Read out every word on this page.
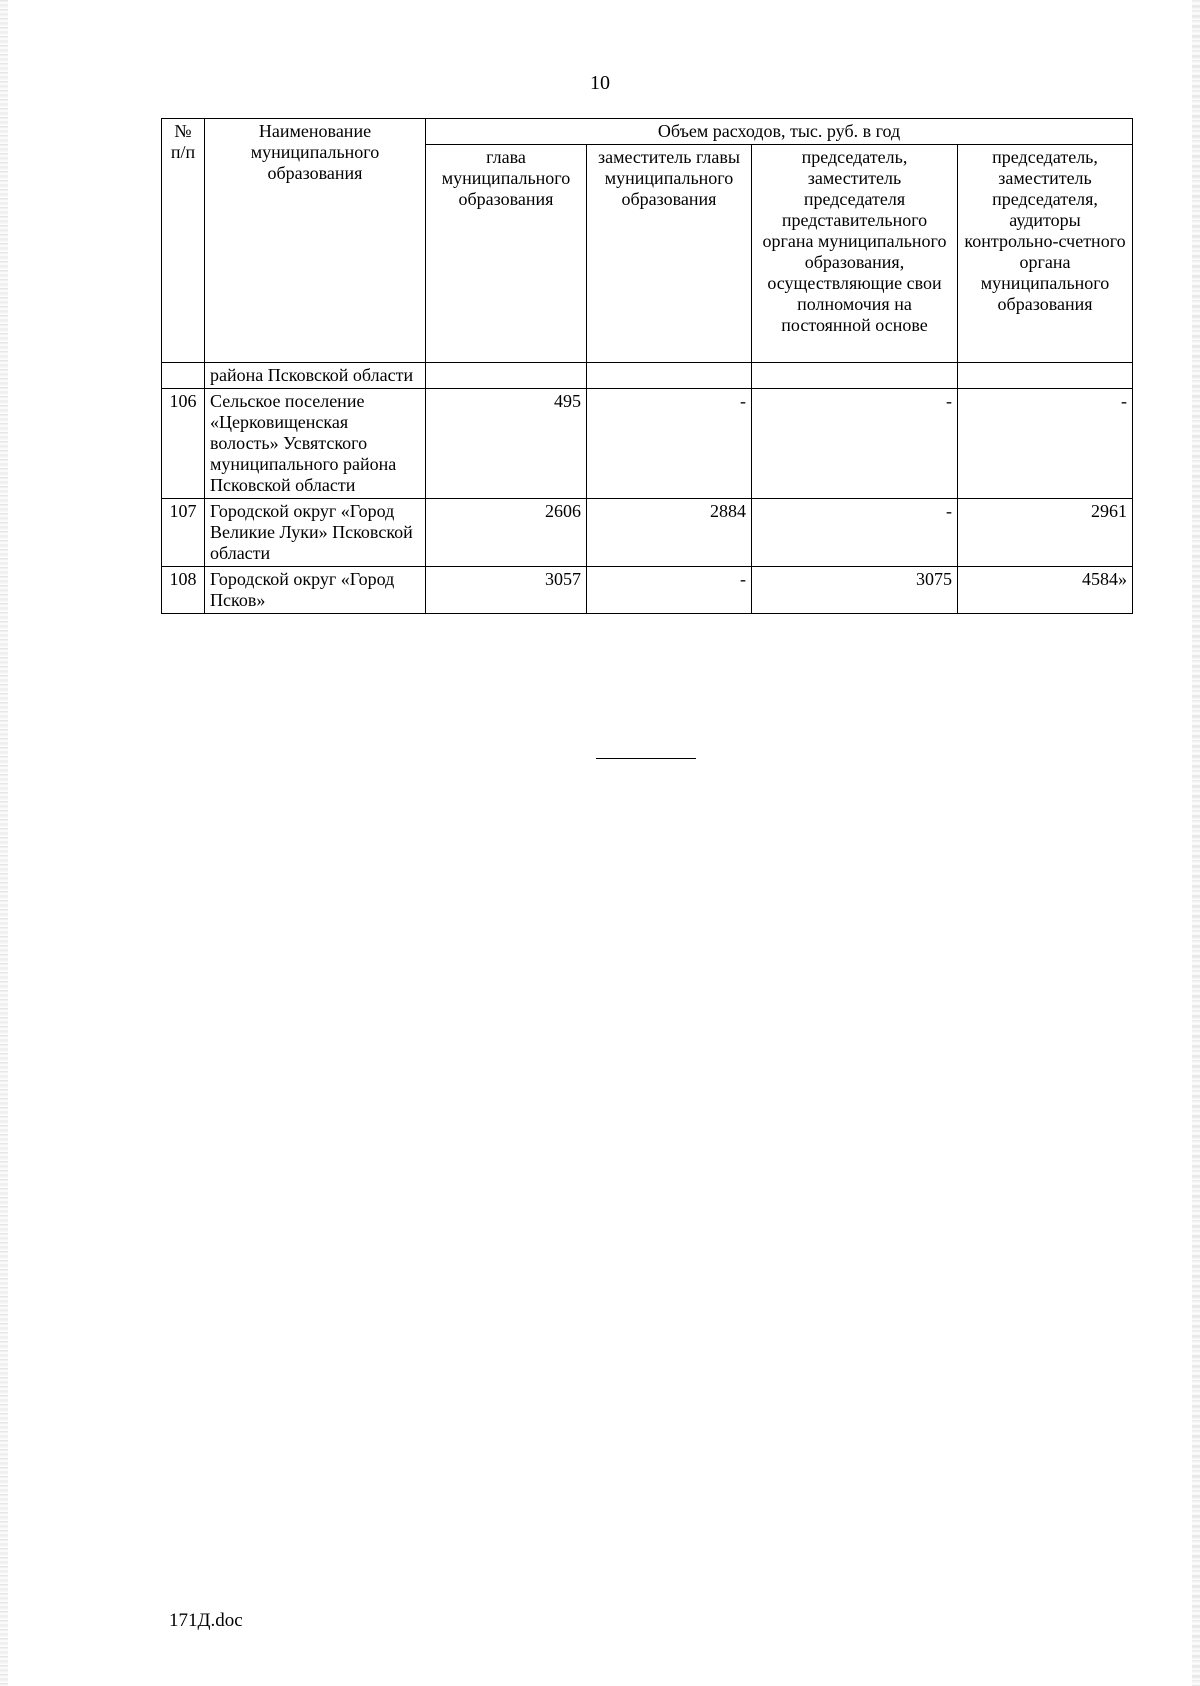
10
№ п/п	Наименование муниципального образования	Объем расходов, тыс. руб. в год			
		глава муниципального образования	заместитель главы муниципального образования	председатель, заместитель председателя представительного органа муниципального образования, осуществляющие свои полномочия на постоянной основе	председатель, заместитель председателя, аудиторы контрольно-счетного органа муниципального образования
	района Псковской области				
106	Сельское поселение «Церковищенская волость» Усвятского муниципального района Псковской области	495	-	-	-
107	Городской округ «Город Великие Луки» Псковской области	2606	2884	-	2961
108	Городской округ «Город Псков»	3057	-	3075	4584»
171Д.doc
